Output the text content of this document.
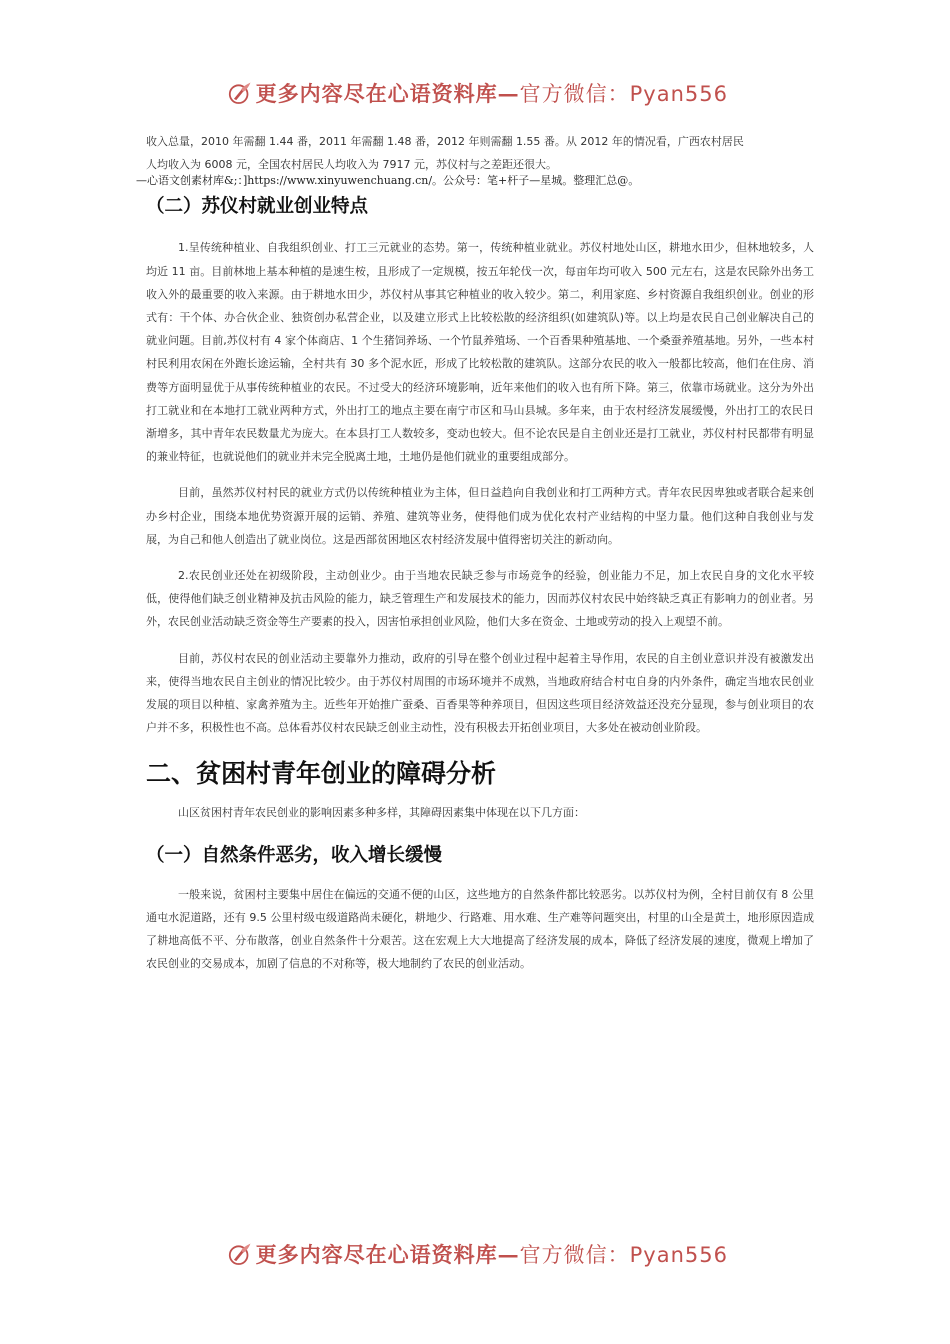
更多内容尽在心语资料库—官方微信：Pyan556
—心语文创素材库&;：]https://www.xinyuwenchuang.cn/。公众号：笔+杆子—星城。整理汇总@。

收入总量，2010 年需翻 1.44 番，2011 年需翻 1.48 番，2012 年则需翻 1.55 番。从 2012 年的情况看，广西农村居民

人均收入为 6008 元，全国农村居民人均收入为 7917 元，苏仪村与之差距还很大。

（二）苏仪村就业创业特点

1.呈传统种植业、自我组织创业、打工三元就业的态势。第一，传统种植业就业。苏仪村地处山区，耕地水田少，但林地较多，人均近 11 亩。目前林地上基本种植的是速生桉，且形成了一定规模，按五年轮伐一次，每亩年均可收入 500 元左右，这是农民除外出务工收入外的最重要的收入来源。由于耕地水田少，苏仪村从事其它种植业的收入较少。第二，利用家庭、乡村资源自我组织创业。创业的形式有：干个体、办合伙企业、独资创办私营企业，以及建立形式上比较松散的经济组织(如建筑队)等。以上均是农民自己创业解决自己的就业问题。目前,苏仪村有 4 家个体商店、1 个生猪饲养场、一个竹鼠养殖场、一个百香果种殖基地、一个桑蚕养殖基地。另外，一些本村村民利用农闲在外跑长途运输，全村共有 30 多个泥水匠，形成了比较松散的建筑队。这部分农民的收入一般都比较高，他们在住房、消费等方面明显优于从事传统种植业的农民。不过受大的经济环境影响，近年来他们的收入也有所下降。第三，依靠市场就业。这分为外出打工就业和在本地打工就业两种方式，外出打工的地点主要在南宁市区和马山县城。多年来，由于农村经济发展缓慢，外出打工的农民日渐增多，其中青年农民数量尤为庞大。在本县打工人数较多，变动也较大。但不论农民是自主创业还是打工就业，苏仪村村民都带有明显的兼业特征，也就说他们的就业并未完全脱离土地，土地仍是他们就业的重要组成部分。

目前，虽然苏仪村村民的就业方式仍以传统种植业为主体，但日益趋向自我创业和打工两种方式。青年农民因卑独或者联合起来创办乡村企业，围绕本地优势资源开展的运销、养殖、建筑等业务，使得他们成为优化农村产业结构的中坚力量。他们这种自我创业与发展，为自己和他人创造出了就业岗位。这是西部贫困地区农村经济发展中值得密切关注的新动向。

2.农民创业还处在初级阶段，主动创业少。由于当地农民缺乏参与市场竞争的经验，创业能力不足，加上农民自身的文化水平较低，使得他们缺乏创业精神及抗击风险的能力，缺乏管理生产和发展技术的能力，因而苏仪村农民中始终缺乏真正有影响力的创业者。另外，农民创业活动缺乏资金等生产要素的投入，因害怕承担创业风险，他们大多在资金、土地或劳动的投入上观望不前。

目前，苏仪村农民的创业活动主要靠外力推动，政府的引导在整个创业过程中起着主导作用，农民的自主创业意识并没有被激发出来，使得当地农民自主创业的情况比较少。由于苏仪村周围的市场环境并不成熟，当地政府结合村屯自身的内外条件，确定当地农民创业发展的项目以种植、家禽养殖为主。近些年开始推广蚕桑、百香果等种养项目，但因这些项目经济效益还没充分显现，参与创业项目的农户并不多，积极性也不高。总体看苏仪村农民缺乏创业主动性，没有积极去开拓创业项目，大多处在被动创业阶段。

二、贫困村青年创业的障碍分析

山区贫困村青年农民创业的影响因素多种多样，其障碍因素集中体现在以下几方面：

（一）自然条件恶劣，收入增长缓慢

一般来说，贫困村主要集中居住在偏远的交通不便的山区，这些地方的自然条件都比较恶劣。以苏仪村为例，全村目前仅有 8 公里通屯水泥道路，还有 9.5 公里村级屯级道路尚未硬化，耕地少、行路难、用水难、生产难等问题突出，村里的山全是黄土，地形原因造成了耕地高低不平、分布散落，创业自然条件十分艰苦。这在宏观上大大地提高了经济发展的成本，降低了经济发展的速度，微观上增加了农民创业的交易成本，加剧了信息的不对称等，极大地制约了农民的创业活动。

更多内容尽在心语资料库—官方微信：Pyan556
